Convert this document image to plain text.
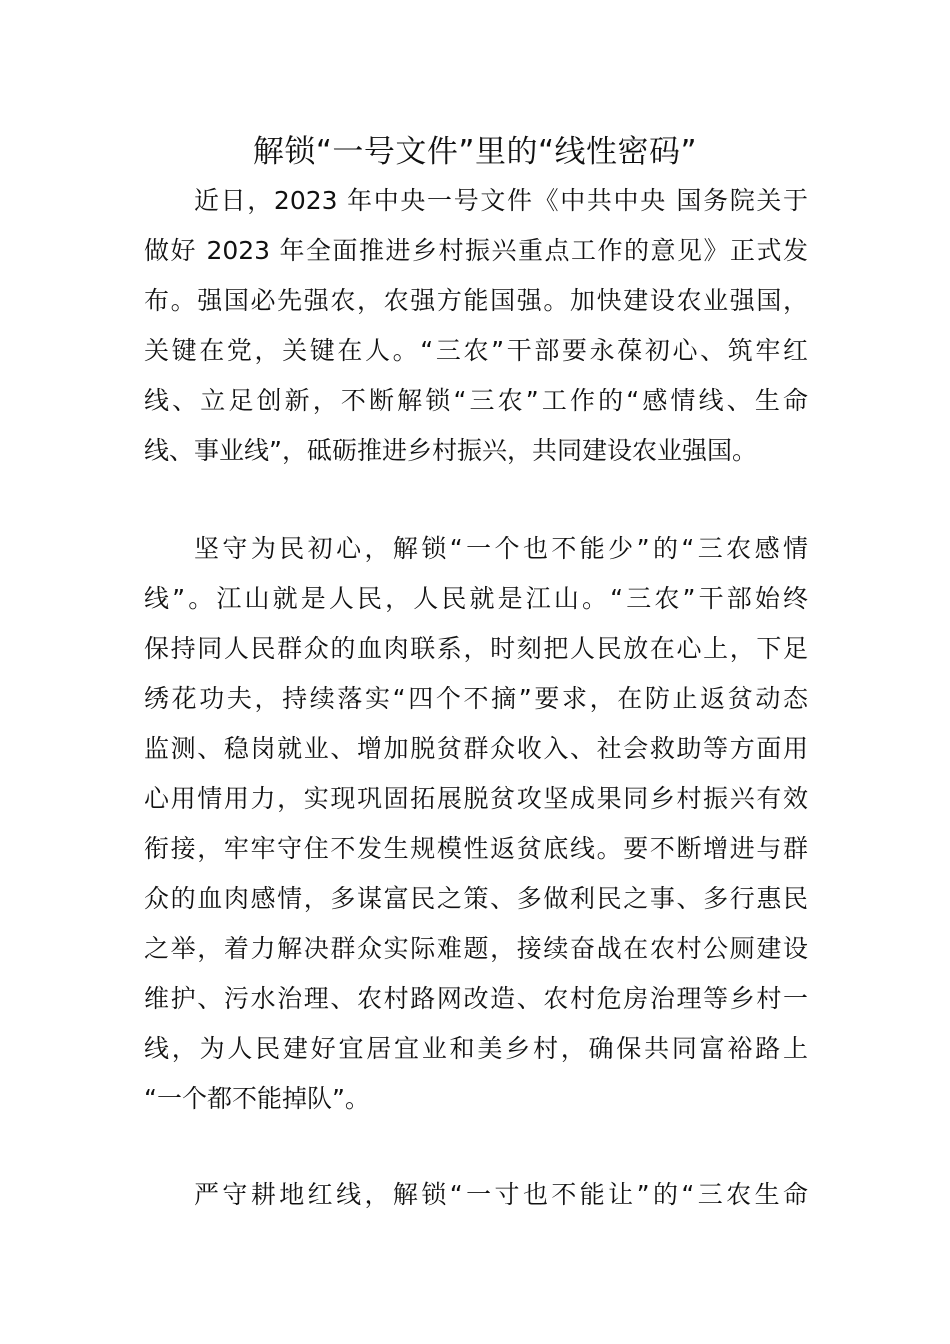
解锁“一号文件”里的“线性密码”
近日，2023 年中央一号文件《中共中央 国务院关于
做好 2023 年全面推进乡村振兴重点工作的意见》正式发
布。强国必先强农，农强方能国强。加快建设农业强国，
关键在党，关键在人。“三农”干部要永葆初心、筑牢红
线、立足创新，不断解锁“三农”工作的“感情线、生命
线、事业线”，砥砺推进乡村振兴，共同建设农业强国。
坚守为民初心，解锁“一个也不能少”的“三农感情
线”。江山就是人民，人民就是江山。“三农”干部始终
保持同人民群众的血肉联系，时刻把人民放在心上，下足
绣花功夫，持续落实“四个不摘”要求，在防止返贫动态
监测、稳岗就业、增加脱贫群众收入、社会救助等方面用
心用情用力，实现巩固拓展脱贫攻坚成果同乡村振兴有效
衔接，牢牢守住不发生规模性返贫底线。要不断增进与群
众的血肉感情，多谋富民之策、多做利民之事、多行惠民
之举，着力解决群众实际难题，接续奋战在农村公厕建设
维护、污水治理、农村路网改造、农村危房治理等乡村一
线，为人民建好宜居宜业和美乡村，确保共同富裕路上
“一个都不能掉队”。
严守耕地红线，解锁“一寸也不能让”的“三农生命
